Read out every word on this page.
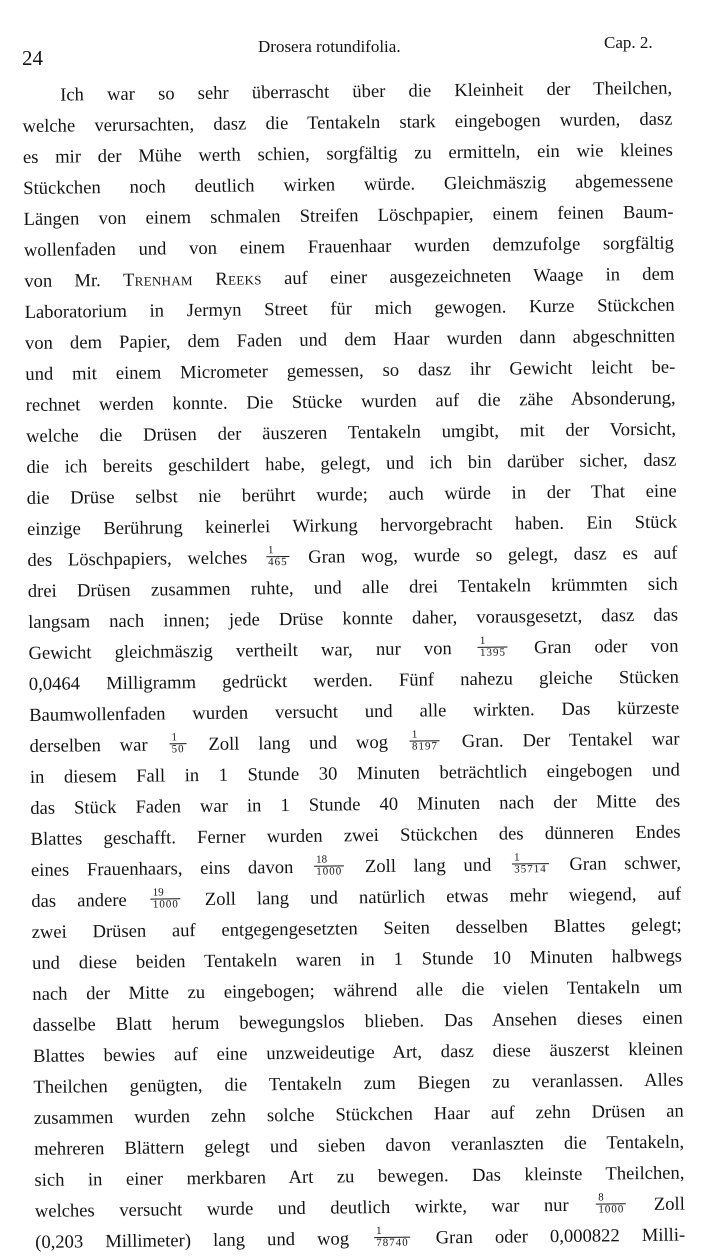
24	Drosera rotundifolia.	Cap. 2.
Ich war so sehr überrascht über die Kleinheit der Theilchen,
welche verursachten, dasz die Tentakeln stark eingebogen wurden, dasz
es mir der Mühe werth schien, sorgfältig zu ermitteln, ein wie kleines
Stückchen noch deutlich wirken würde. Gleichmäszig abgemessene
Längen von einem schmalen Streifen Löschpapier, einem feinen Baum-
wollenfaden und von einem Frauenhaar wurden demzufolge sorgfältig
von Mr. Trenham Reeks auf einer ausgezeichneten Waage in dem
Laboratorium in Jermyn Street für mich gewogen. Kurze Stückchen
von dem Papier, dem Faden und dem Haar wurden dann abgeschnitten
und mit einem Micrometer gemessen, so dasz ihr Gewicht leicht be-
rechnet werden konnte. Die Stücke wurden auf die zähe Absonderung,
welche die Drüsen der äuszeren Tentakeln umgibt, mit der Vorsicht,
die ich bereits geschildert habe, gelegt, und ich bin darüber sicher, dasz
die Drüse selbst nie berührt wurde; auch würde in der That eine
einzige Berührung keinerlei Wirkung hervorgebracht haben. Ein Stück
des Löschpapiers, welches $\frac{1}{465}$ Gran wog, wurde so gelegt, dasz es auf
drei Drüsen zusammen ruhte, und alle drei Tentakeln krümmten sich
langsam nach innen; jede Drüse konnte daher, vorausgesetzt, dasz das
Gewicht gleichmäszig vertheilt war, nur von $\frac{1}{1395}$ Gran oder von
0,0464 Milligramm gedrückt werden. Fünf nahezu gleiche Stücken
Baumwollenfaden wurden versucht und alle wirkten. Das kürzeste
derselben war $\frac{1}{50}$ Zoll lang und wog $\frac{1}{8197}$ Gran. Der Tentakel war
in diesem Fall in 1 Stunde 30 Minuten beträchtlich eingebogen und
das Stück Faden war in 1 Stunde 40 Minuten nach der Mitte des
Blattes geschafft. Ferner wurden zwei Stückchen des dünneren Endes
eines Frauenhaars, eins davon $\frac{18}{1000}$ Zoll lang und $\frac{1}{35714}$ Gran schwer,
das andere $\frac{19}{1000}$ Zoll lang und natürlich etwas mehr wiegend, auf
zwei Drüsen auf entgegengesetzten Seiten desselben Blattes gelegt;
und diese beiden Tentakeln waren in 1 Stunde 10 Minuten halbwegs
nach der Mitte zu eingebogen; während alle die vielen Tentakeln um
dasselbe Blatt herum bewegungslos blieben. Das Ansehen dieses einen
Blattes bewies auf eine unzweideutige Art, dasz diese äuszerst kleinen
Theilchen genügten, die Tentakeln zum Biegen zu veranlassen. Alles
zusammen wurden zehn solche Stückchen Haar auf zehn Drüsen an
mehreren Blättern gelegt und sieben davon veranlaszten die Tentakeln,
sich in einer merkbaren Art zu bewegen. Das kleinste Theilchen,
welches versucht wurde und deutlich wirkte, war nur $\frac{8}{1000}$ Zoll
(0,203 Millimeter) lang und wog $\frac{1}{78740}$ Gran oder 0,000822 Milli-
